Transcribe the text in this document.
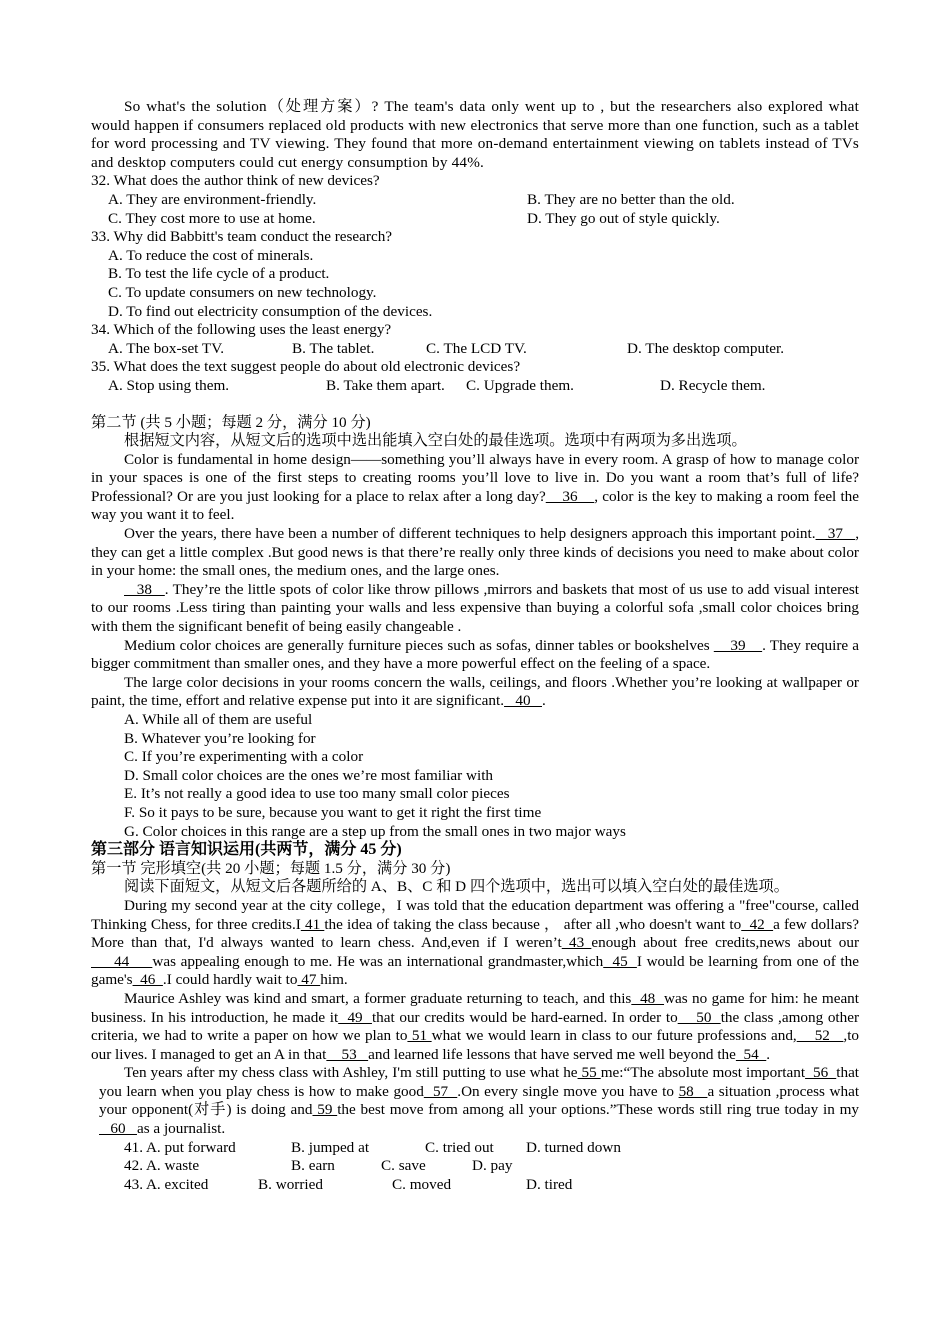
So what's the solution（处理方案）? The team's data only went up to , but the researchers also explored what would happen if consumers replaced old products with new electronics that serve more than one function, such as a tablet for word processing and TV viewing. They found that more on-demand entertainment viewing on tablets instead of TVs and desktop computers could cut energy consumption by 44%.

32. What does the author think of new devices?

A. They are environment-friendly.	B. They are no better than the old.
C. They cost more to use at home.	D. They go out of style quickly.

33. Why did Babbitt's team conduct the research?

A. To reduce the cost of minerals.

B. To test the life cycle of a product.

C. To update consumers on new technology.

D. To find out electricity consumption of the devices.

34. Which of the following uses the least energy?

A. The box-set TV.	B. The tablet.	C. The LCD TV.	D. The desktop computer.

35. What does the text suggest people do about old electronic devices?

A. Stop using them.	B. Take them apart.	C. Upgrade them.	D. Recycle them.

第二节 (共 5 小题；每题 2 分，满分 10 分)

根据短文内容，从短文后的选项中选出能填入空白处的最佳选项。选项中有两项为多出选项。

Color is fundamental in home design——something you’ll always have in every room. A grasp of how to manage color in your spaces is one of the first steps to creating rooms you’ll love to live in. Do you want a room that’s full of life? Professional? Or are you just looking for a place to relax after a long day?    36    , color is the key to making a room feel the way you want it to feel.

Over the years, there have been a number of different techniques to help designers approach this important point.   37   , they can get a little complex .But good news is that there’re really only three kinds of decisions you need to make about color in your home: the small ones, the medium ones, and the large ones.

38   . They’re the little spots of color like throw pillows ,mirrors and baskets that most of us use to add visual interest to our rooms .Less tiring than painting your walls and less expensive than buying a colorful sofa ,small color choices bring with them the significant benefit of being easily changeable .

Medium color choices are generally furniture pieces such as sofas, dinner tables or bookshelves     39    . They require a bigger commitment than smaller ones, and they have a more powerful effect on the feeling of a space.

The large color decisions in your rooms concern the walls, ceilings, and floors .Whether you’re looking at wallpaper or paint, the time, effort and relative expense put into it are significant.   40   .

A. While all of them are useful

B. Whatever you’re looking for

C. If you’re experimenting with a color

D. Small color choices are the ones we’re most familiar with

E. It’s not really a good idea to use too many small color pieces

F. So it pays to be sure, because you want to get it right the first time

G. Color choices in this range are a step up from the small ones in two major ways

第三部分 语言知识运用(共两节，满分 45 分)

第一节 完形填空(共 20 小题；每题 1.5 分，满分 30 分)

阅读下面短文，从短文后各题所给的 A、B、C 和 D 四个选项中，选出可以填入空白处的最佳选项。

During my second year at the city college，I was told that the education department was offering a "free"course, called Thinking Chess, for three credits.I 41 the idea of taking the class because ， after all ,who doesn't want to  42  a few dollars?More than that, I'd always wanted to learn chess. And,even if I weren’t 43 enough about free credits,news about our     44     was appealing enough to me. He was an international grandmaster,which  45  I would be learning from one of the game's  46  .I could hardly wait to 47 him.

Maurice Ashley was kind and smart, a former graduate returning to teach, and this  48  was no game for him: he meant business. In his introduction, he made it  49  that our credits would be hard-earned. In order to    50  the class ,among other criteria, we had to write a paper on how we plan to 51 what we would learn in class to our future professions and,    52   ,to our lives. I managed to get an A in that    53   and learned life lessons that have served me well beyond the  54  .

Ten years after my chess class with Ashley, I'm still putting to use what he 55 me:“The absolute most important  56  that you learn when you play chess is how to make good  57  .On every single move you have to 58   a situation ,process what your opponent(对手) is doing and 59 the best move from among all your options.”These words still ring true today in my   60   as a journalist.

41. A. put forward	B. jumped at	C. tried out	D. turned down
42. A. waste	B. earn	C. save	D. pay
43. A. excited	B. worried	C. moved	D. tired
